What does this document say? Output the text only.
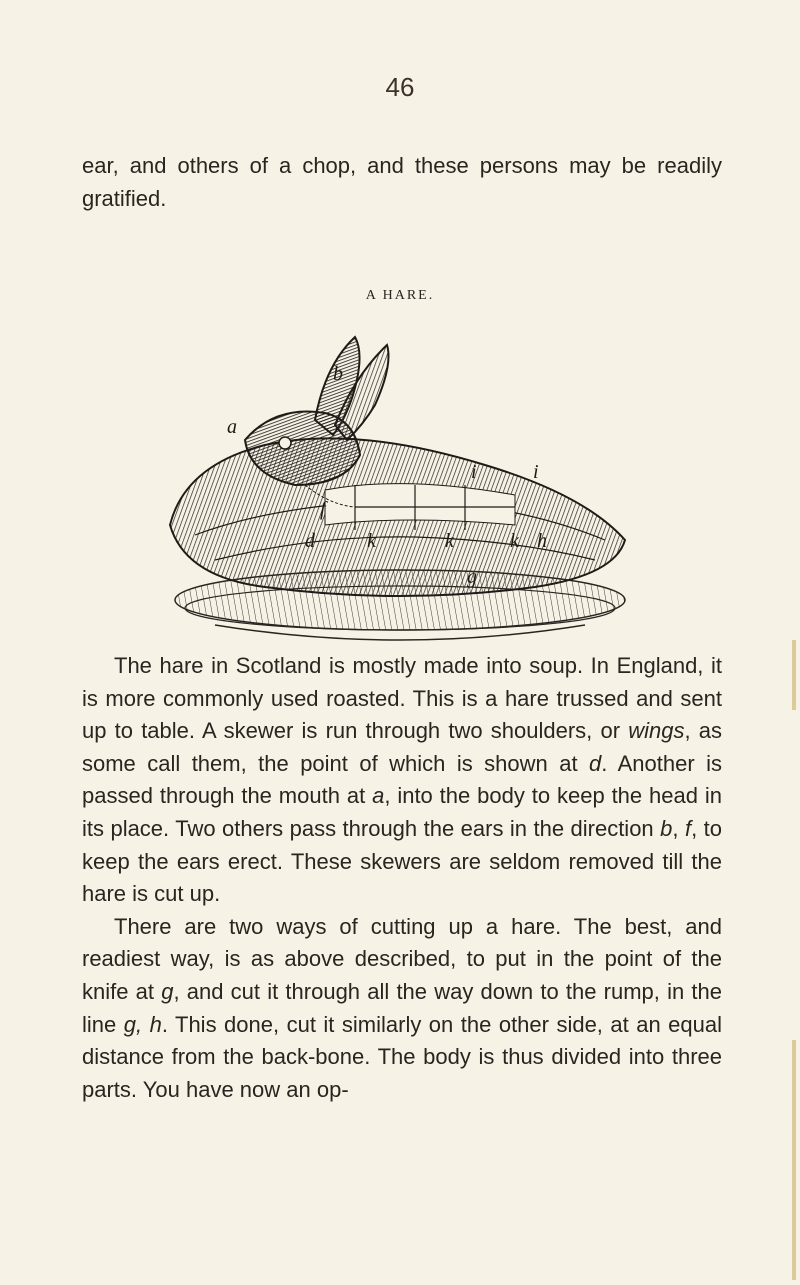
46

ear, and others of a chop, and these persons may be readily gratified.

A HARE.
a
b
i	i
f
d	k	k	k h
g

The hare in Scotland is mostly made into soup. In England, it is more commonly used roasted. This is a hare trussed and sent up to table. A skewer is run through two shoulders, or wings, as some call them, the point of which is shown at d. Another is passed through the mouth at a, into the body to keep the head in its place. Two others pass through the ears in the direction b, f, to keep the ears erect. These skewers are seldom removed till the hare is cut up.
There are two ways of cutting up a hare. The best, and readiest way, is as above described, to put in the point of the knife at g, and cut it through all the way down to the rump, in the line g, h. This done, cut it similarly on the other side, at an equal distance from the back-bone. The body is thus divided into three parts. You have now an op-
